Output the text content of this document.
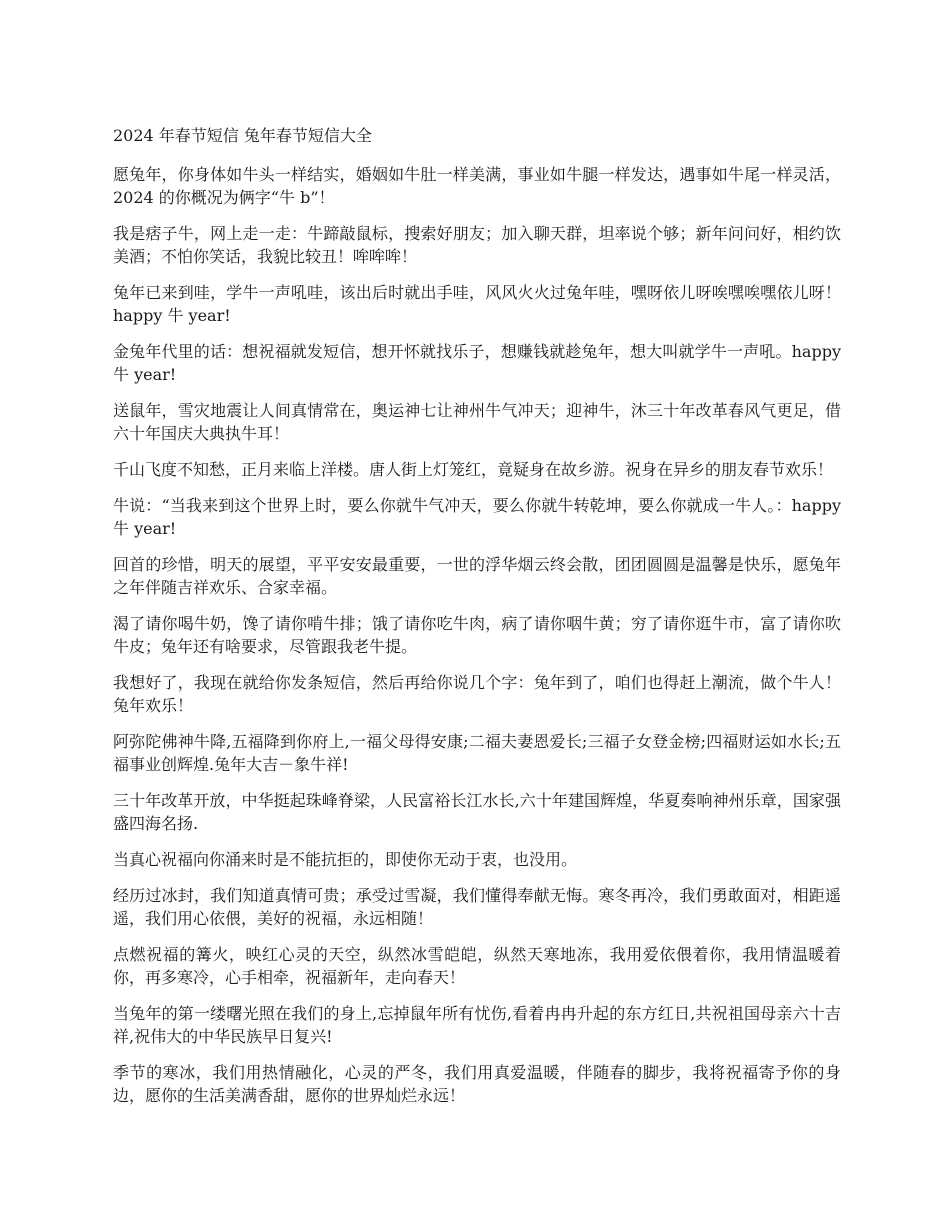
2024 年春节短信 兔年春节短信大全

愿兔年，你身体如牛头一样结实，婚姻如牛肚一样美满，事业如牛腿一样发达，遇事如牛尾一样灵活，2024 的你概况为俩字“牛 b”！

我是痞子牛，网上走一走：牛蹄敲鼠标，搜索好朋友；加入聊天群，坦率说个够；新年问问好，相约饮美酒；不怕你笑话，我貌比较丑！哞哞哞！

兔年已来到哇，学牛一声吼哇，该出后时就出手哇，风风火火过兔年哇，嘿呀依儿呀唉嘿唉嘿依儿呀！ happy 牛 year!

金兔年代里的话：想祝福就发短信，想开怀就找乐子，想赚钱就趁兔年，想大叫就学牛一声吼。happy 牛 year!

送鼠年，雪灾地震让人间真情常在，奥运神七让神州牛气冲天；迎神牛，沐三十年改革春风气更足，借六十年国庆大典执牛耳！

千山飞度不知愁，正月来临上洋楼。唐人街上灯笼红，竟疑身在故乡游。祝身在异乡的朋友春节欢乐！

牛说：“当我来到这个世界上时，要么你就牛气冲天，要么你就牛转乾坤，要么你就成一牛人。：happy 牛 year!

回首的珍惜，明天的展望，平平安安最重要，一世的浮华烟云终会散，团团圆圆是温馨是快乐，愿兔年之年伴随吉祥欢乐、合家幸福。

渴了请你喝牛奶，馋了请你啃牛排；饿了请你吃牛肉，病了请你咽牛黄；穷了请你逛牛市，富了请你吹牛皮；兔年还有啥要求，尽管跟我老牛提。

我想好了，我现在就给你发条短信，然后再给你说几个字：兔年到了，咱们也得赶上潮流，做个牛人！兔年欢乐！

阿弥陀佛神牛降,五福降到你府上,一福父母得安康;二福夫妻恩爱长;三福子女登金榜;四福财运如水长;五福事业创辉煌.兔年大吉－象牛祥!

三十年改革开放，中华挺起珠峰脊梁，人民富裕长江水长,六十年建国辉煌，华夏奏响神州乐章，国家强盛四海名扬.

当真心祝福向你涌来时是不能抗拒的，即使你无动于衷，也没用。

经历过冰封，我们知道真情可贵；承受过雪凝，我们懂得奉献无悔。寒冬再冷，我们勇敢面对，相距遥遥，我们用心依偎，美好的祝福，永远相随！

点燃祝福的篝火，映红心灵的天空，纵然冰雪皑皑，纵然天寒地冻，我用爱依偎着你，我用情温暖着你，再多寒冷，心手相牵，祝福新年，走向春天！

当兔年的第一缕曙光照在我们的身上,忘掉鼠年所有忧伤,看着冉冉升起的东方红日,共祝祖国母亲六十吉祥,祝伟大的中华民族早日复兴!

季节的寒冰，我们用热情融化，心灵的严冬，我们用真爱温暖，伴随春的脚步，我将祝福寄予你的身边，愿你的生活美满香甜，愿你的世界灿烂永远！
